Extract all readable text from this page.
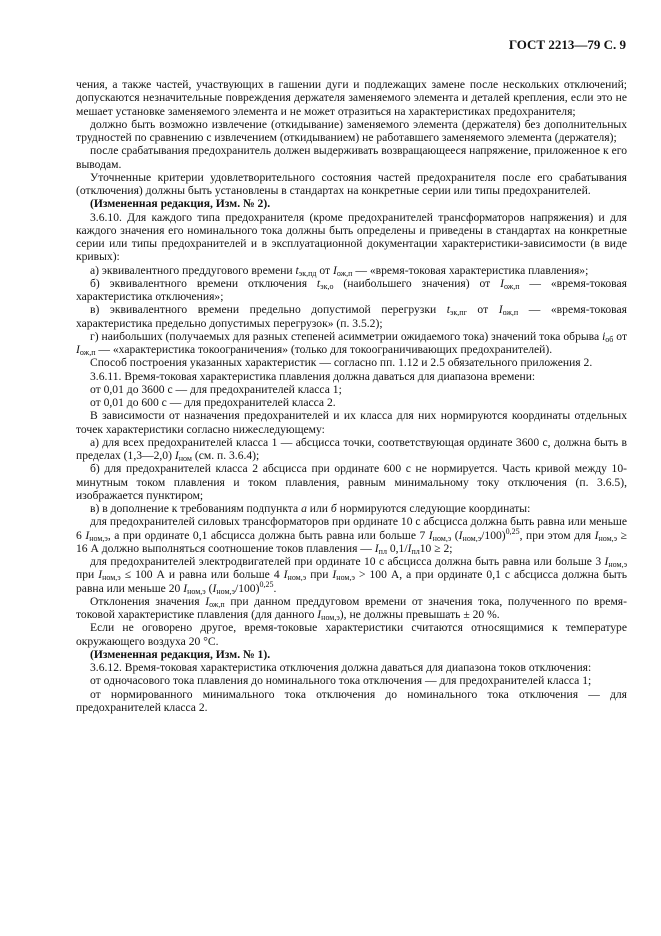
ГОСТ 2213—79 С. 9

чения, а также частей, участвующих в гашении дуги и подлежащих замене после нескольких отключений; допускаются незначительные повреждения держателя заменяемого элемента и деталей крепления, если это не мешает установке заменяемого элемента и не может отразиться на характеристиках предохранителя;

должно быть возможно извлечение (откидывание) заменяемого элемента (держателя) без дополнительных трудностей по сравнению с извлечением (откидыванием) не работавшего заменяемого элемента (держателя);

после срабатывания предохранитель должен выдерживать возвращающееся напряжение, приложенное к его выводам.

Уточненные критерии удовлетворительного состояния частей предохранителя после его срабатывания (отключения) должны быть установлены в стандартах на конкретные серии или типы предохранителей.

(Измененная редакция, Изм. № 2).

3.6.10. Для каждого типа предохранителя (кроме предохранителей трансформаторов напряжения) и для каждого значения его номинального тока должны быть определены и приведены в стандартах на конкретные серии или типы предохранителей и в эксплуатационной документации характеристики-зависимости (в виде кривых):

а) эквивалентного преддугового времени $t_{эк,пд}$ от $I_{ож,п}$ — «время-токовая характеристика плавления»;

б) эквивалентного времени отключения $t_{эк,о}$ (наибольшего значения) от $I_{ож,п}$ — «время-токовая характеристика отключения»;

в) эквивалентного времени предельно допустимой перегрузки $t_{эк,пг}$ от $I_{ож,п}$ — «время-токовая характеристика предельно допустимых перегрузок» (п. 3.5.2);

г) наибольших (получаемых для разных степеней асимметрии ожидаемого тока) значений тока обрыва $i_{об}$ от $I_{ож,п}$ — «характеристика токоограничения» (только для токоограничивающих предохранителей).

Способ построения указанных характеристик — согласно пп. 1.12 и 2.5 обязательного приложения 2.

3.6.11. Время-токовая характеристика плавления должна даваться для диапазона времени:

от 0,01 до 3600 с — для предохранителей класса 1;

от 0,01 до 600 с — для предохранителей класса 2.

В зависимости от назначения предохранителей и их класса для них нормируются координаты отдельных точек характеристики согласно нижеследующему:

а) для всех предохранителей класса 1 — абсцисса точки, соответствующая ординате 3600 с, должна быть в пределах (1,3—2,0) $I_{ном}$ (см. п. 3.6.4);

б) для предохранителей класса 2 абсцисса при ординате 600 с не нормируется. Часть кривой между 10-минутным током плавления и током плавления, равным минимальному току отключения (п. 3.6.5), изображается пунктиром;

в) в дополнение к требованиям подпункта а или б нормируются следующие координаты:

для предохранителей силовых трансформаторов при ординате 10 с абсцисса должна быть равна или меньше 6 $I_{ном,э}$, а при ординате 0,1 абсцисса должна быть равна или больше 7 $I_{ном,э}$ $(I_{ном,э}/100)^{0,25}$, при этом для $I_{ном,э} \ge 16$ А должно выполняться соотношение токов плавления — $I_{пл}$ $0,1/I_{пл}10 \ge 2$;

для предохранителей электродвигателей при ординате 10 с абсцисса должна быть равна или больше 3 $I_{ном,э}$ при $I_{ном,э} \le 100$ А и равна или больше 4 $I_{ном,э}$ при $I_{ном,э} > 100$ А, а при ординате 0,1 с абсцисса должна быть равна или меньше 20 $I_{ном,э}$ $(I_{ном,э}/100)^{0,25}$.

Отклонения значения $I_{ож,п}$ при данном преддуговом времени от значения тока, полученного по время-токовой характеристике плавления (для данного $I_{ном,э}$), не должны превышать ± 20 %.

Если не оговорено другое, время-токовые характеристики считаются относящимися к температуре окружающего воздуха 20 °С.

(Измененная редакция, Изм. № 1).

3.6.12. Время-токовая характеристика отключения должна даваться для диапазона токов отключения:

от одночасового тока плавления до номинального тока отключения — для предохранителей класса 1;

от нормированного минимального тока отключения до номинального тока отключения — для предохранителей класса 2.
